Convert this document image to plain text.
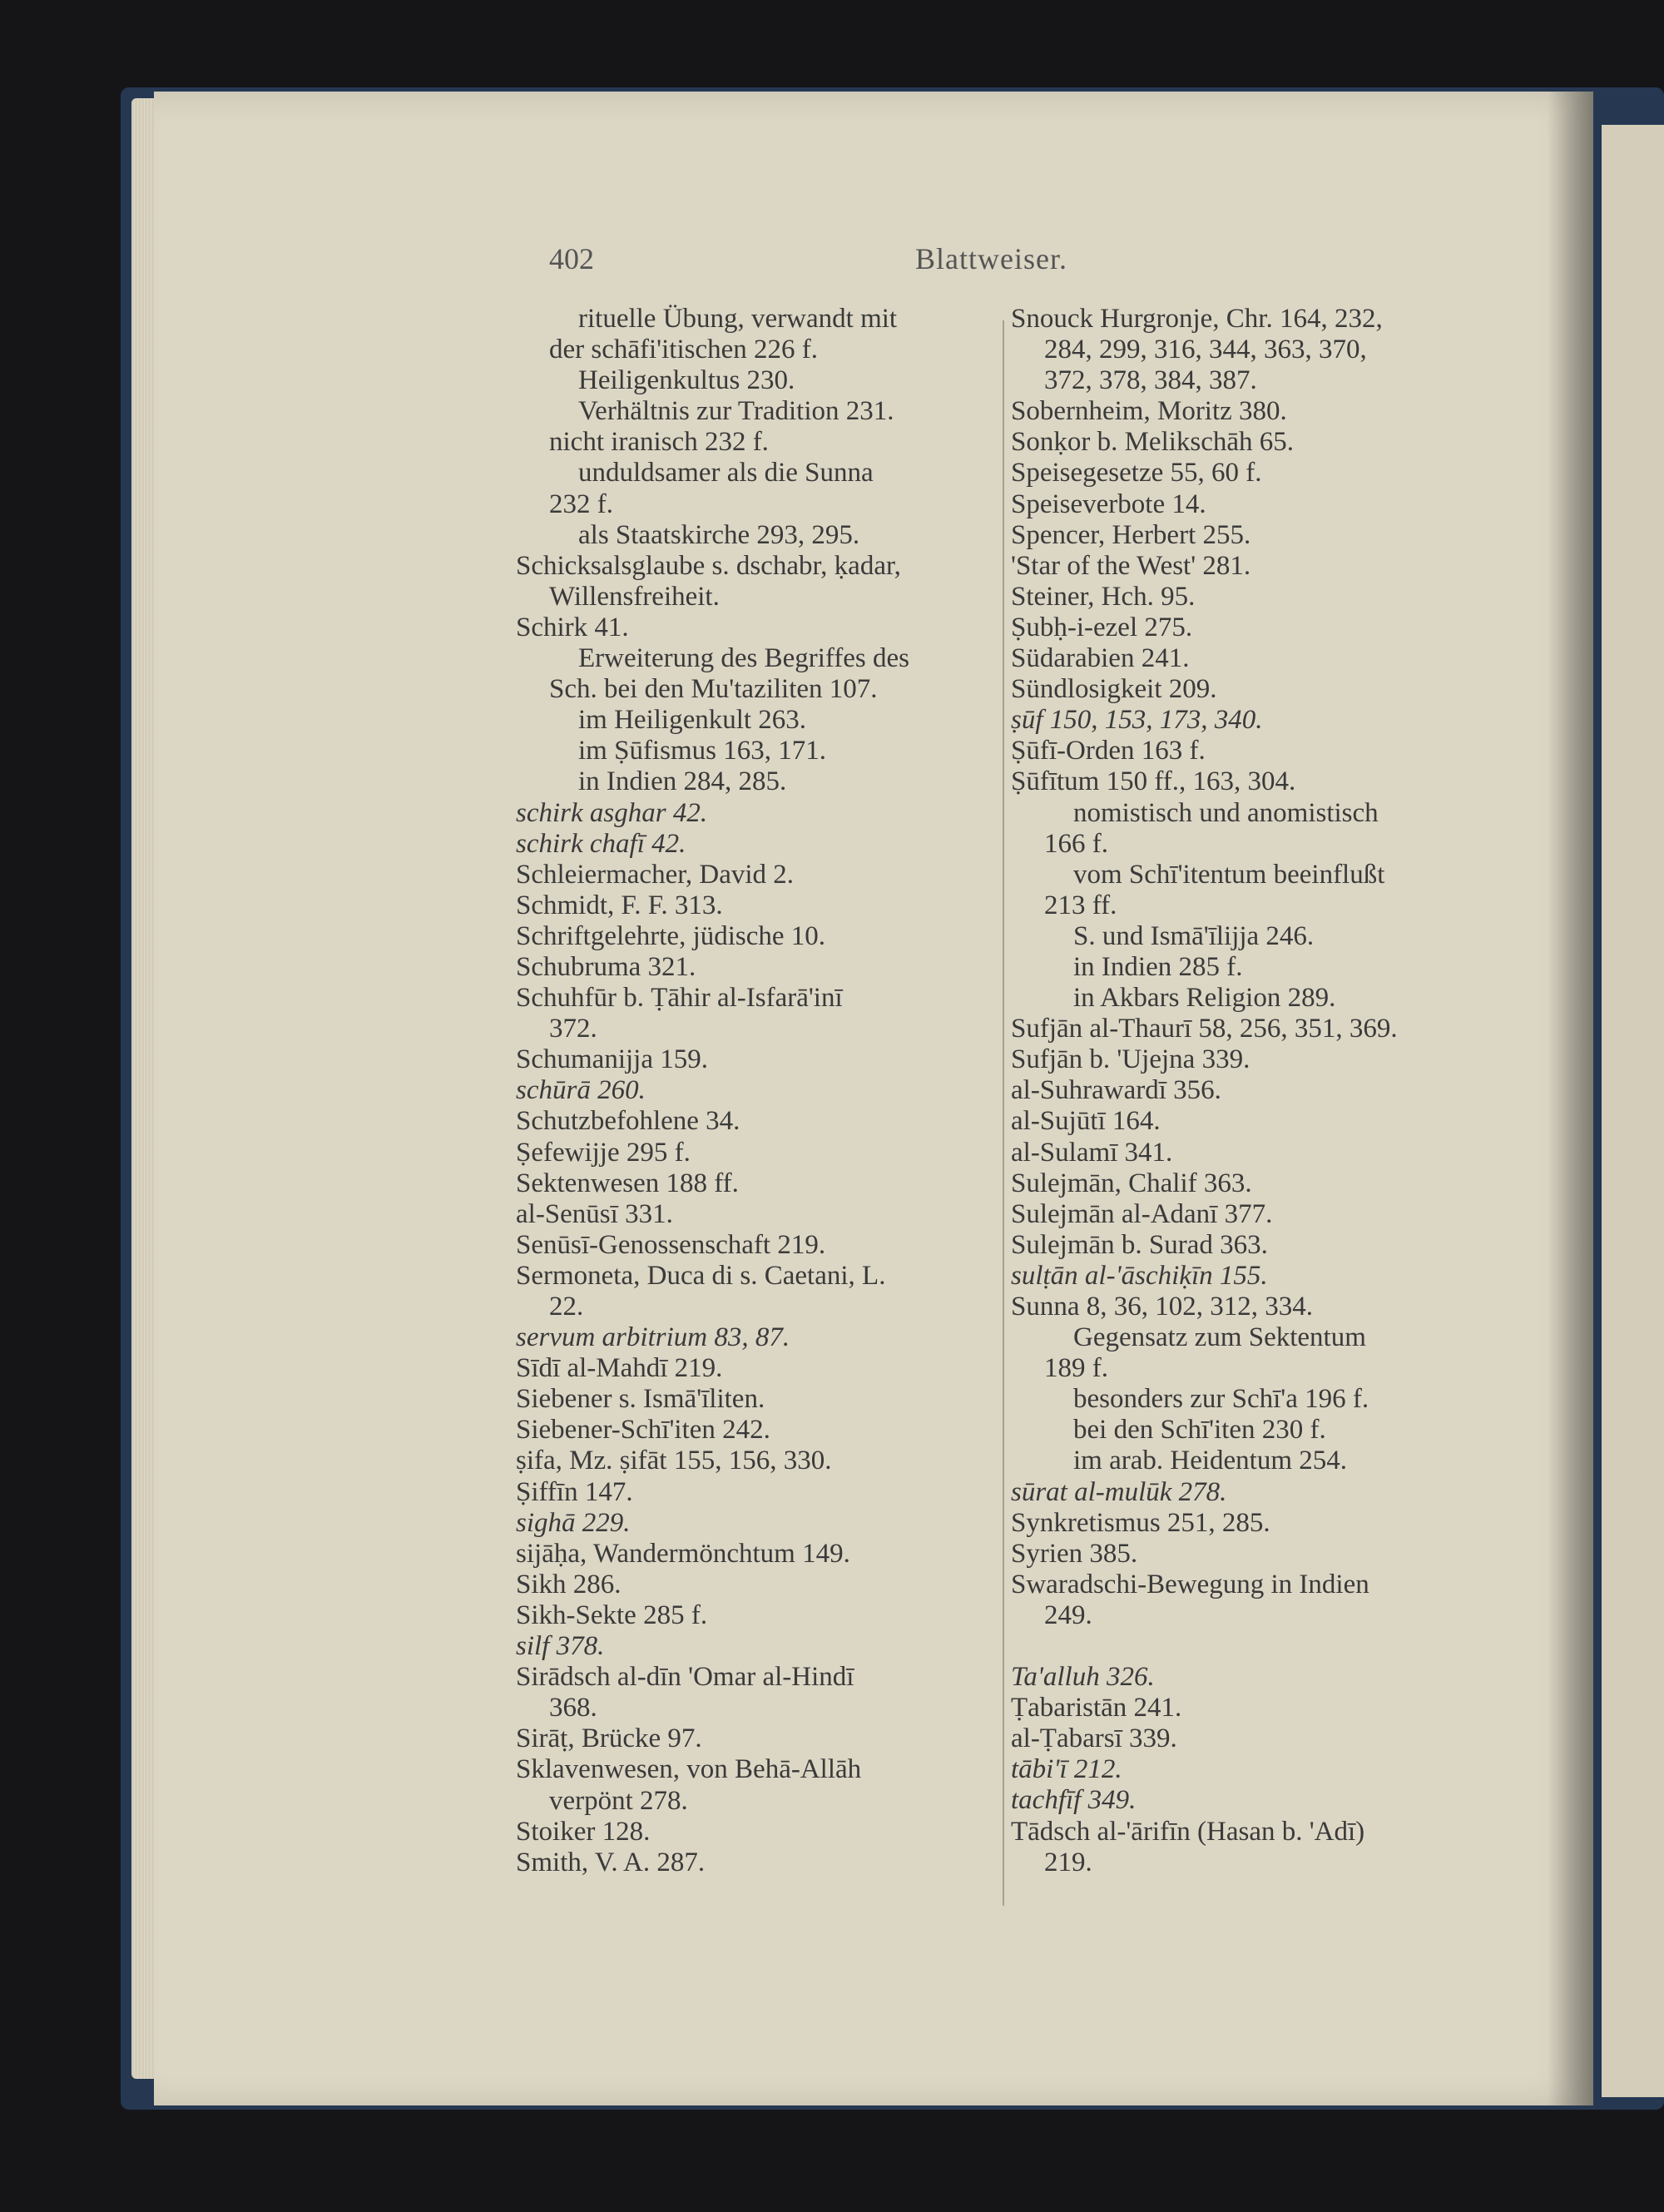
402	Blattweiser.
rituelle Übung, verwandt mit
der schāfi'itischen 226 f.
Heiligenkultus 230.
Verhältnis zur Tradition 231.
nicht iranisch 232 f.
unduldsamer als die Sunna
232 f.
als Staatskirche 293, 295.
Schicksalsglaube s. dschabr, ḳadar,
Willensfreiheit.
Schirk 41.
Erweiterung des Begriffes des
Sch. bei den Mu'taziliten 107.
im Heiligenkult 263.
im Ṣūfismus 163, 171.
in Indien 284, 285.
schirk asghar 42.
schirk chafī 42.
Schleiermacher, David 2.
Schmidt, F. F. 313.
Schriftgelehrte, jüdische 10.
Schubruma 321.
Schuhfūr b. Ṭāhir al-Isfarā'inī
372.
Schumanijja 159.
schūrā 260.
Schutzbefohlene 34.
Ṣefewijje 295 f.
Sektenwesen 188 ff.
al-Senūsī 331.
Senūsī-Genossenschaft 219.
Sermoneta, Duca di s. Caetani, L.
22.
servum arbitrium 83, 87.
Sīdī al-Mahdī 219.
Siebener s. Ismā'īliten.
Siebener-Schī'iten 242.
ṣifa, Mz. ṣifāt 155, 156, 330.
Ṣiffīn 147.
sighā 229.
sijāḥa, Wandermönchtum 149.
Sikh 286.
Sikh-Sekte 285 f.
silf 378.
Sirādsch al-dīn 'Omar al-Hindī
368.
Sirāṭ, Brücke 97.
Sklavenwesen, von Behā-Allāh
verpönt 278.
Stoiker 128.
Smith, V. A. 287.
Snouck Hurgronje, Chr. 164, 232,
284, 299, 316, 344, 363, 370,
372, 378, 384, 387.
Sobernheim, Moritz 380.
Sonḳor b. Melikschāh 65.
Speisegesetze 55, 60 f.
Speiseverbote 14.
Spencer, Herbert 255.
'Star of the West' 281.
Steiner, Hch. 95.
Ṣubḥ-i-ezel 275.
Südarabien 241.
Sündlosigkeit 209.
ṣūf 150, 153, 173, 340.
Ṣūfī-Orden 163 f.
Ṣūfītum 150 ff., 163, 304.
nomistisch und anomistisch
166 f.
vom Schī'itentum beeinflußt
213 ff.
S. und Ismā'īlijja 246.
in Indien 285 f.
in Akbars Religion 289.
Sufjān al-Thaurī 58, 256, 351, 369.
Sufjān b. 'Ujejna 339.
al-Suhrawardī 356.
al-Sujūtī 164.
al-Sulamī 341.
Sulejmān, Chalif 363.
Sulejmān al-Adanī 377.
Sulejmān b. Surad 363.
sulṭān al-'āschiḳīn 155.
Sunna 8, 36, 102, 312, 334.
Gegensatz zum Sektentum
189 f.
besonders zur Schī'a 196 f.
bei den Schī'iten 230 f.
im arab. Heidentum 254.
sūrat al-mulūk 278.
Synkretismus 251, 285.
Syrien 385.
Swaradschi-Bewegung in Indien
249.
Ta'alluh 326.
Ṭabaristān 241.
al-Ṭabarsī 339.
tābi'ī 212.
tachfīf 349.
Tādsch al-'ārifīn (Hasan b. 'Adī)
219.
